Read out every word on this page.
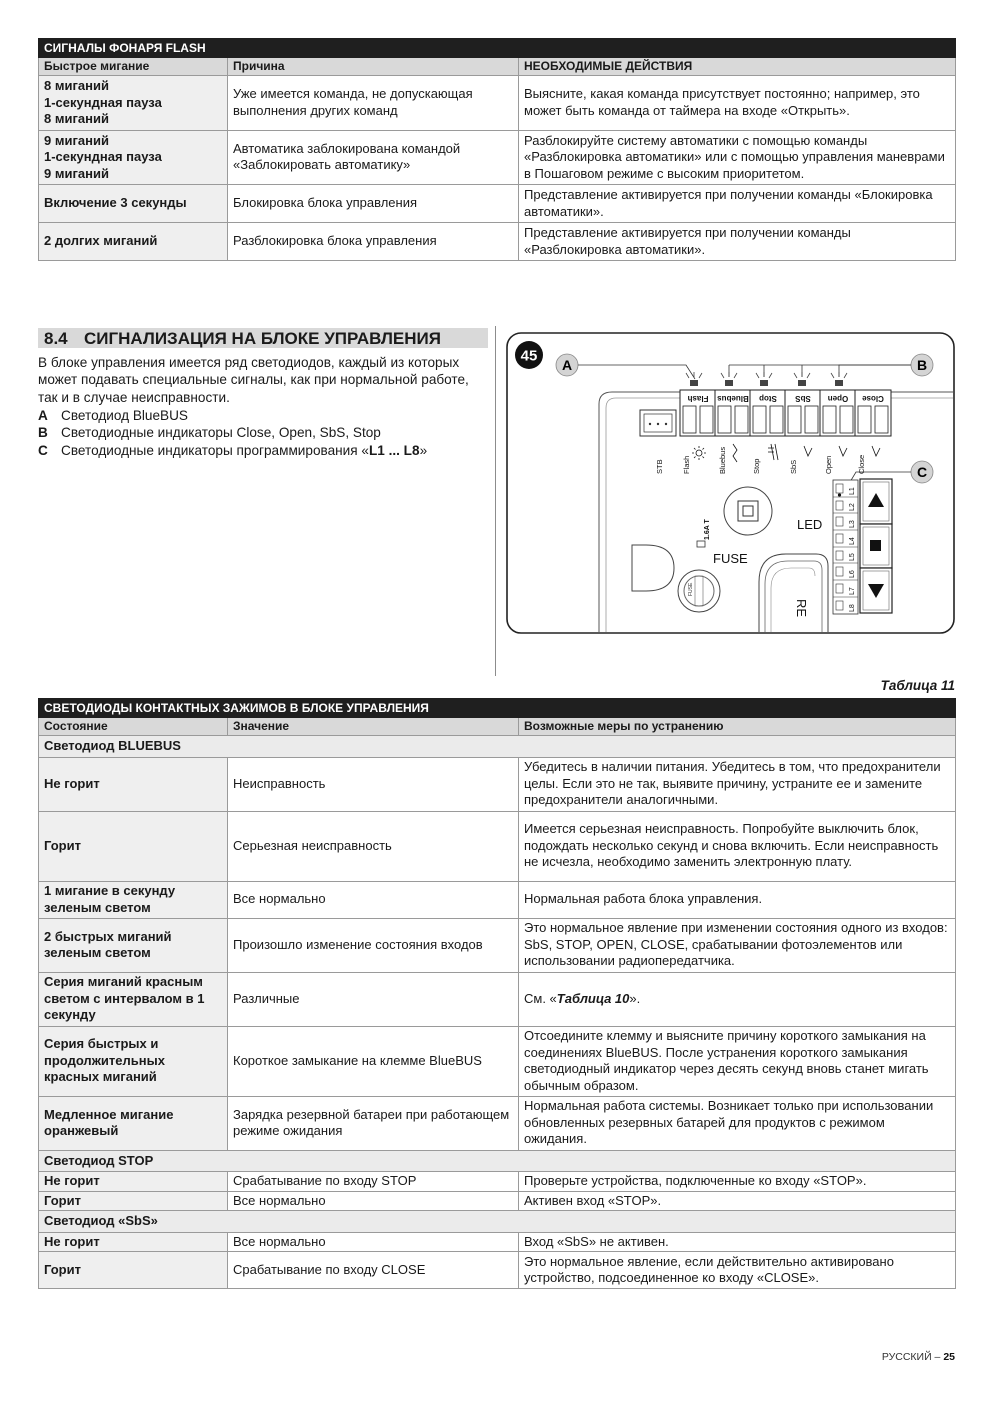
СИГНАЛЫ ФОНАРЯ FLASH		
Быстрое мигание	Причина	НЕОБХОДИМЫЕ ДЕЙСТВИЯ
8 миганий
1-секундная пауза
8 миганий	Уже имеется команда, не допускающая выполнения других команд	Выясните, какая команда присутствует постоянно; например, это может быть команда от таймера на входе «Открыть».
9 миганий
1-секундная пауза
9 миганий	Автоматика заблокирована командой «Заблокировать автоматику»	Разблокируйте систему автоматики с помощью команды «Разблокировка автоматики» или с помощью управления маневрами в Пошаговом режиме с высоким приоритетом.
Включение 3 секунды	Блокировка блока управления	Представление активируется при получении команды «Блокировка автоматики».
2 долгих миганий	Разблокировка блока управления	Представление активируется при получении команды «Разблокировка автоматики».
8.4 СИГНАЛИЗАЦИЯ НА БЛОКЕ УПРАВЛЕНИЯ
В блоке управления имеется ряд светодиодов, каждый из которых может подавать специальные сигналы, как при нормальной работе, так и в случае неисправности.
A Светодиод BlueBUS
B Светодиодные индикаторы Close, Open, SbS, Stop
C Светодиодные индикаторы программирования «L1 ... L8»
45
A	B
C
Flash Bluebus Stop SbS Open Close
STB Flash	Bluebus	Stop	SbS	Open	Close
LED
1.6A T
FUSE
FUSE
RE
L1
L2
L3
L4
L5
L6
L7
L8
Таблица 11
СВЕТОДИОДЫ КОНТАКТНЫХ ЗАЖИМОВ В БЛОКЕ УПРАВЛЕНИЯ		
Состояние	Значение	Возможные меры по устранению
Светодиод BLUEBUS		
Не горит	Неисправность	Убедитесь в наличии питания. Убедитесь в том, что предохранители целы. Если это не так, выявите причину, устраните ее и замените предохранители аналогичными.
Горит	Серьезная неисправность	Имеется серьезная неисправность. Попробуйте выключить блок, подождать несколько секунд и снова включить. Если неисправность не исчезла, необходимо заменить электронную плату.
1 мигание в секунду зеленым светом	Все нормально	Нормальная работа блока управления.
2 быстрых миганий зеленым светом	Произошло изменение состояния входов	Это нормальное явление при изменении состояния одного из входов: SbS, STOP, OPEN, CLOSE, срабатывании фотоэлементов или использовании радиопередатчика.
Серия миганий красным светом с интервалом в 1 секунду	Различные	См. «Таблица 10».
Серия быстрых и продолжительных красных миганий	Короткое замыкание на клемме BlueBUS	Отсоедините клемму и выясните причину короткого замыкания на соединениях BlueBUS. После устранения короткого замыкания светодиодный индикатор через десять секунд вновь станет мигать обычным образом.
Медленное мигание оранжевый	Зарядка резервной батареи при работающем режиме ожидания	Нормальная работа системы. Возникает только при использовании обновленных резервных батарей для продуктов с режимом ожидания.
Светодиод STOP		
Не горит	Срабатывание по входу STOP	Проверьте устройства, подключенные ко входу «STOP».
Горит	Все нормально	Активен вход «STOP».
Светодиод «SbS»		
Не горит	Все нормально	Вход «SbS» не активен.
Горит	Срабатывание по входу CLOSE	Это нормальное явление, если действительно активировано устройство, подсоединенное ко входу «CLOSE».
РУССКИЙ – 25
